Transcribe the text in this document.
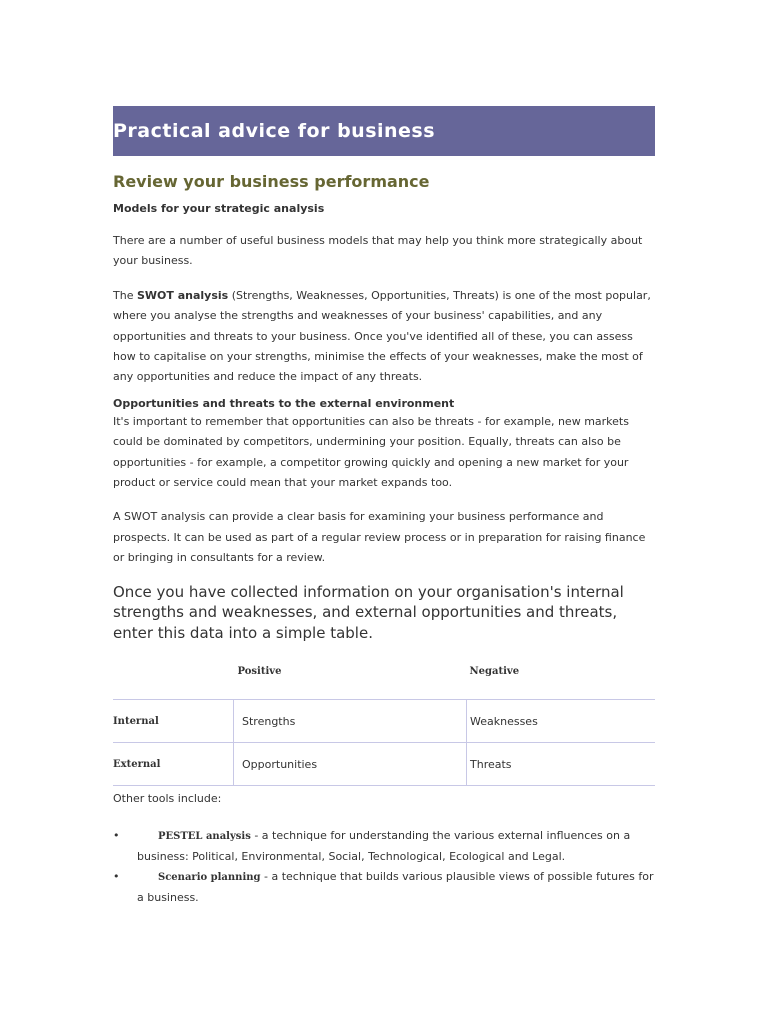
Practical advice for business
Review your business performance
Models for your strategic analysis

There are a number of useful business models that may help you think more strategically about your business.

The SWOT analysis (Strengths, Weaknesses, Opportunities, Threats) is one of the most popular, where you analyse the strengths and weaknesses of your business' capabilities, and any opportunities and threats to your business. Once you've identified all of these, you can assess how to capitalise on your strengths, minimise the effects of your weaknesses, make the most of any opportunities and reduce the impact of any threats.

Opportunities and threats to the external environment

It's important to remember that opportunities can also be threats - for example, new markets could be dominated by competitors, undermining your position. Equally, threats can also be opportunities - for example, a competitor growing quickly and opening a new market for your product or service could mean that your market expands too.

A SWOT analysis can provide a clear basis for examining your business performance and prospects. It can be used as part of a regular review process or in preparation for raising finance or bringing in consultants for a review.

Once you have collected information on your organisation's internal strengths and weaknesses, and external opportunities and threats, enter this data into a simple table.

	Positive	Negative
Internal	Strengths	Weaknesses
External	Opportunities	Threats
Other tools include:
•	PESTEL analysis - a technique for understanding the various external influences on a business: Political, Environmental, Social, Technological, Ecological and Legal.
•	Scenario planning - a technique that builds various plausible views of possible futures for a business.
